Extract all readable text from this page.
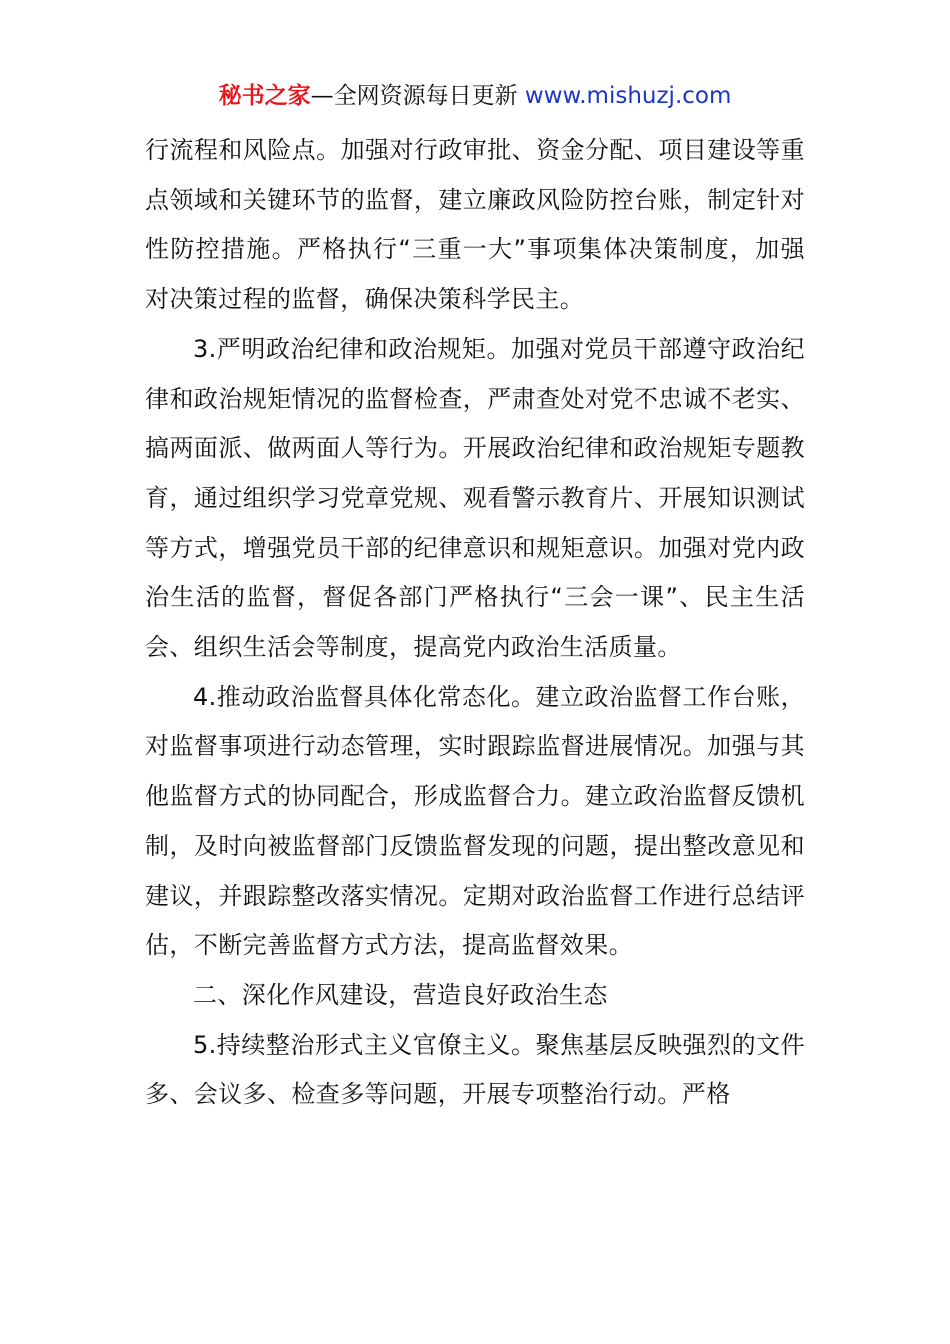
秘书之家—全网资源每日更新 www.mishuzj.com

行流程和风险点。加强对行政审批、资金分配、项目建设等重点领域和关键环节的监督，建立廉政风险防控台账，制定针对性防控措施。严格执行“三重一大”事项集体决策制度，加强对决策过程的监督，确保决策科学民主。

3.严明政治纪律和政治规矩。加强对党员干部遵守政治纪律和政治规矩情况的监督检查，严肃查处对党不忠诚不老实、搞两面派、做两面人等行为。开展政治纪律和政治规矩专题教育，通过组织学习党章党规、观看警示教育片、开展知识测试等方式，增强党员干部的纪律意识和规矩意识。加强对党内政治生活的监督，督促各部门严格执行“三会一课”、民主生活会、组织生活会等制度，提高党内政治生活质量。

4.推动政治监督具体化常态化。建立政治监督工作台账，对监督事项进行动态管理，实时跟踪监督进展情况。加强与其他监督方式的协同配合，形成监督合力。建立政治监督反馈机制，及时向被监督部门反馈监督发现的问题，提出整改意见和建议，并跟踪整改落实情况。定期对政治监督工作进行总结评估，不断完善监督方式方法，提高监督效果。

二、深化作风建设，营造良好政治生态

5.持续整治形式主义官僚主义。聚焦基层反映强烈的文件多、会议多、检查多等问题，开展专项整治行动。严格
